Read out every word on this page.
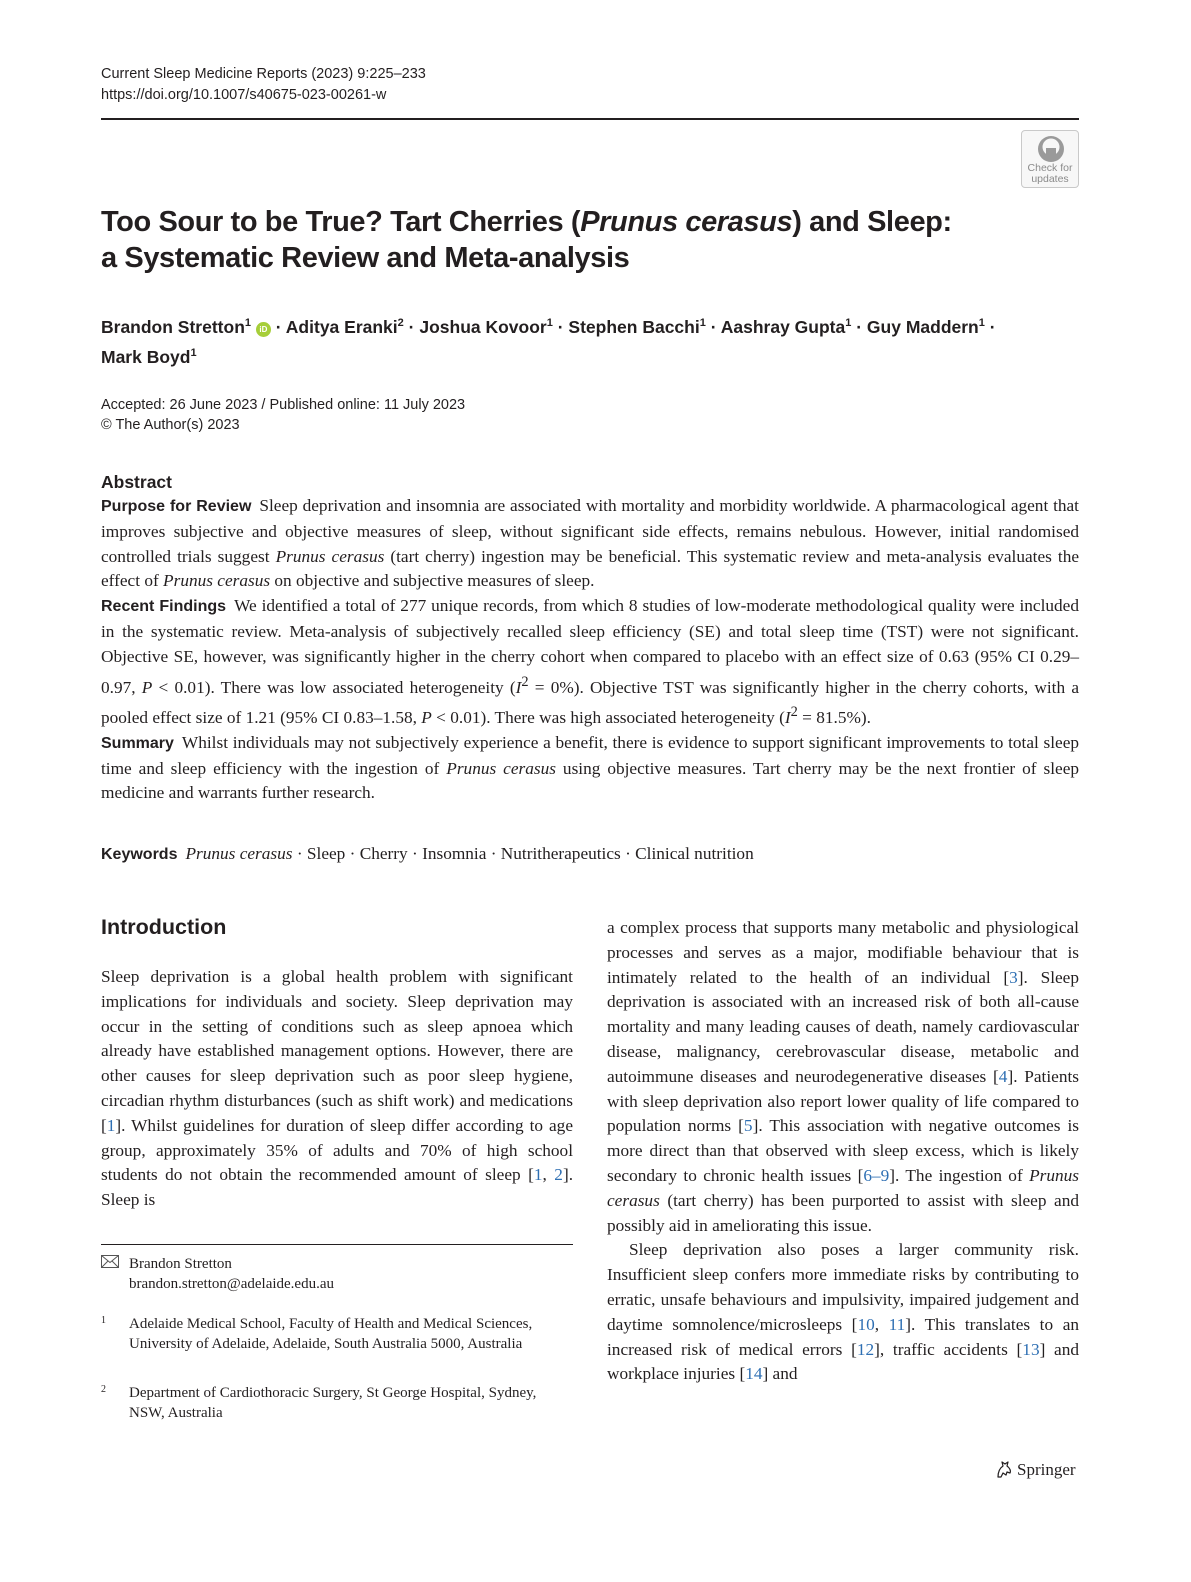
Current Sleep Medicine Reports (2023) 9:225–233
https://doi.org/10.1007/s40675-023-00261-w
Check for
updates
Too Sour to be True? Tart Cherries (Prunus cerasus) and Sleep:
a Systematic Review and Meta-analysis
Brandon Stretton$^1$ iD · Aditya Eranki$^2$ · Joshua Kovoor$^1$ · Stephen Bacchi$^1$ · Aashray Gupta$^1$ · Guy Maddern$^1$ ·
Mark Boyd$^1$
Accepted: 26 June 2023 / Published online: 11 July 2023
© The Author(s) 2023
Abstract

Purpose for Review Sleep deprivation and insomnia are associated with mortality and morbidity worldwide. A pharmacological agent that improves subjective and objective measures of sleep, without significant side effects, remains nebulous. However, initial randomised controlled trials suggest Prunus cerasus (tart cherry) ingestion may be beneficial. This systematic review and meta-analysis evaluates the effect of Prunus cerasus on objective and subjective measures of sleep.

Recent Findings We identified a total of 277 unique records, from which 8 studies of low-moderate methodological quality were included in the systematic review. Meta-analysis of subjectively recalled sleep efficiency (SE) and total sleep time (TST) were not significant. Objective SE, however, was significantly higher in the cherry cohort when compared to placebo with an effect size of 0.63 (95% CI 0.29–0.97, P < 0.01). There was low associated heterogeneity $(I^2 = 0\%)$. Objective TST was significantly higher in the cherry cohorts, with a pooled effect size of 1.21 (95% CI 0.83–1.58, P < 0.01). There was high associated heterogeneity $(I^2 = 81.5\%)$.

Summary Whilst individuals may not subjectively experience a benefit, there is evidence to support significant improvements to total sleep time and sleep efficiency with the ingestion of Prunus cerasus using objective measures. Tart cherry may be the next frontier of sleep medicine and warrants further research.

Keywords Prunus cerasus · Sleep · Cherry · Insomnia · Nutritherapeutics · Clinical nutrition
Introduction

Sleep deprivation is a global health problem with significant implications for individuals and society. Sleep deprivation may occur in the setting of conditions such as sleep apnoea which already have established management options. However, there are other causes for sleep deprivation such as poor sleep hygiene, circadian rhythm disturbances (such as shift work) and medications [1]. Whilst guidelines for duration of sleep differ according to age group, approximately 35% of adults and 70% of high school students do not obtain the recommended amount of sleep [1, 2]. Sleep is

a complex process that supports many metabolic and physiological processes and serves as a major, modifiable behaviour that is intimately related to the health of an individual [3]. Sleep deprivation is associated with an increased risk of both all-cause mortality and many leading causes of death, namely cardiovascular disease, malignancy, cerebrovascular disease, metabolic and autoimmune diseases and neurodegenerative diseases [4]. Patients with sleep deprivation also report lower quality of life compared to population norms [5]. This association with negative outcomes is more direct than that observed with sleep excess, which is likely secondary to chronic health issues [6–9]. The ingestion of Prunus cerasus (tart cherry) has been purported to assist with sleep and possibly aid in ameliorating this issue.

Sleep deprivation also poses a larger community risk. Insufficient sleep confers more immediate risks by contributing to erratic, unsafe behaviours and impulsivity, impaired judgement and daytime somnolence/microsleeps [10, 11]. This translates to an increased risk of medical errors [12], traffic accidents [13] and workplace injuries [14] and

Brandon Stretton
brandon.stretton@adelaide.edu.au
1 Adelaide Medical School, Faculty of Health and Medical Sciences, University of Adelaide, Adelaide, South Australia 5000, Australia
2 Department of Cardiothoracic Surgery, St George Hospital, Sydney, NSW, Australia
Springer
